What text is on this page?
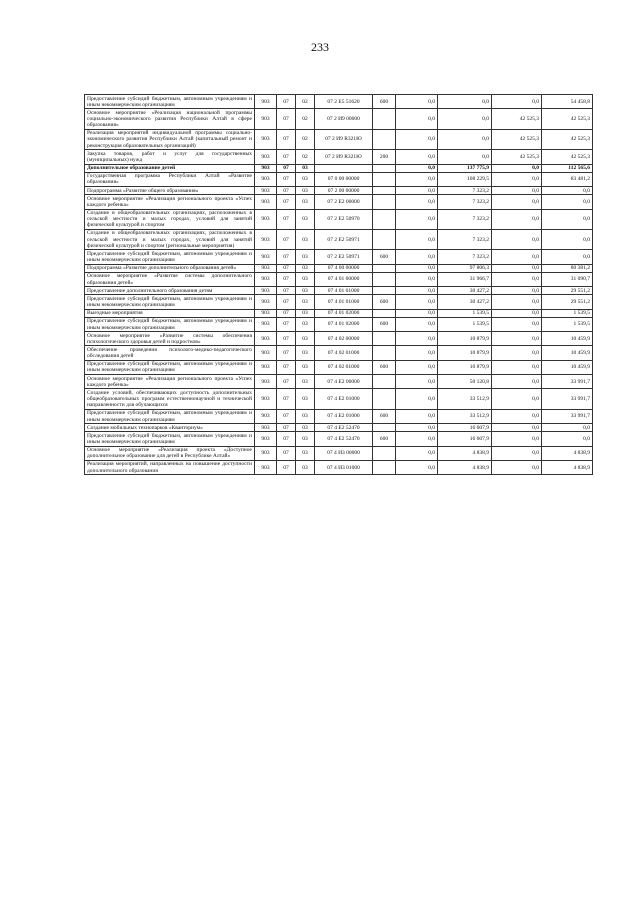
233
Предоставление субсидий бюджетным, автономным учреждениям и иным некоммерческим организациям	903	07	02	07 2 E5 51620	600	0,0	0,0	0,0	54 458,8
Основное мероприятие «Реализация национальной программы социально-экономического развития Республики Алтай в сфере образования»	903	07	02	07 2 И9 00000		0,0	0,0	42 525,3	42 525,3
Реализация мероприятий индивидуальной программы социально-экономического развития Республики Алтай (капитальный ремонт и реконструкция образовательных организаций)	903	07	02	07 2 И9 R321Ю		0,0	0,0	42 525,3	42 525,3
Закупка товаров, работ и услуг для государственных (муниципальных) нужд	903	07	02	07 2 И9 R321Ю	200	0,0	0,0	42 525,3	42 525,3
Дополнительное образование детей	903	07	03			0,0	137 775,9	0,0	112 565,6
Государственная программа Республики Алтай «Развитие образования»	903	07	03	07 0 00 00000		0,0	108 229,5	0,0	83 481,2
Подпрограмма «Развитие общего образования»	903	07	03	07 2 00 00000		0,0	7 323,2	0,0	0,0
Основное мероприятие «Реализация регионального проекта «Успех каждого ребенка»	903	07	03	07 2 E2 00000		0,0	7 323,2	0,0	0,0
Создание в общеобразовательных организациях, расположенных в сельской местности и малых городах, условий для занятий физической культурой и спортом	903	07	03	07 2 E2 50970		0,0	7 323,2	0,0	0,0
Создание в общеобразовательных организациях, расположенных в сельской местности и малых городах, условий для занятий физической культурой и спортом (региональные мероприятия)	903	07	03	07 2 E2 50971		0,0	7 323,2	0,0	0,0
Предоставление субсидий бюджетным, автономным учреждениям и иным некоммерческим организациям	903	07	03	07 2 E2 50971	600	0,0	7 323,2	0,0	0,0
Подпрограмма «Развитие дополнительного образования детей»	903	07	03	07 4 00 00000		0,0	97 806,3	0,0	80 381,2
Основное мероприятие «Развитие системы дополнительного образования детей»	903	07	03	07 4 01 00000		0,0	31 966,7	0,0	31 090,7
Предоставление дополнительного образования детям	903	07	03	07 4 01 01000		0,0	30 427,2	0,0	29 551,2
Предоставление субсидий бюджетным, автономным учреждениям и иным некоммерческим организациям	903	07	03	07 4 01 01000	600	0,0	30 427,2	0,0	29 551,2
Выездные мероприятия	903	07	03	07 4 01 02000		0,0	1 539,5	0,0	1 539,5
Предоставление субсидий бюджетным, автономным учреждениям и иным некоммерческим организациям	903	07	03	07 4 01 02000	600	0,0	1 539,5	0,0	1 539,5
Основное мероприятие «Развитие системы обеспечения психологического здоровья детей и подростков»	903	07	03	07 4 02 00000		0,0	10 879,9	0,0	10 459,9
Обеспечение проведения психолого-медико-педагогического обследования детей	903	07	03	07 4 02 01000		0,0	10 879,9	0,0	10 459,9
Предоставление субсидий бюджетным, автономным учреждениям и иным некоммерческим организациям	903	07	03	07 4 02 01000	600	0,0	10 879,9	0,0	10 459,9
Основное мероприятие «Реализация регионального проекта «Успех каждого ребенка»	903	07	03	07 4 E2 00000		0,0	50 120,8	0,0	33 991,7
Создание условий, обеспечивающих доступность дополнительных общеобразовательных программ естественнонаучной и технической направленности для обучающихся	903	07	03	07 4 E2 01000		0,0	33 512,9	0,0	33 991,7
Предоставление субсидий бюджетным, автономным учреждениям и иным некоммерческим организациям	903	07	03	07 4 E2 01000	600	0,0	33 512,9	0,0	33 991,7
Создание мобильных технопарков «Кванториум»	903	07	03	07 4 E2 52470		0,0	16 607,9	0,0	0,0
Предоставление субсидий бюджетным, автономным учреждениям и иным некоммерческим организациям	903	07	03	07 4 E2 52470	600	0,0	16 607,9	0,0	0,0
Основное мероприятие «Реализация проекта «Доступное дополнительное образование для детей в Республике Алтай»	903	07	03	07 4 И3 00000		0,0	4 838,9	0,0	4 838,9
Реализация мероприятий, направленных на повышение доступности дополнительного образования	903	07	03	07 4 И3 01000		0,0	4 838,9	0,0	4 838,9
